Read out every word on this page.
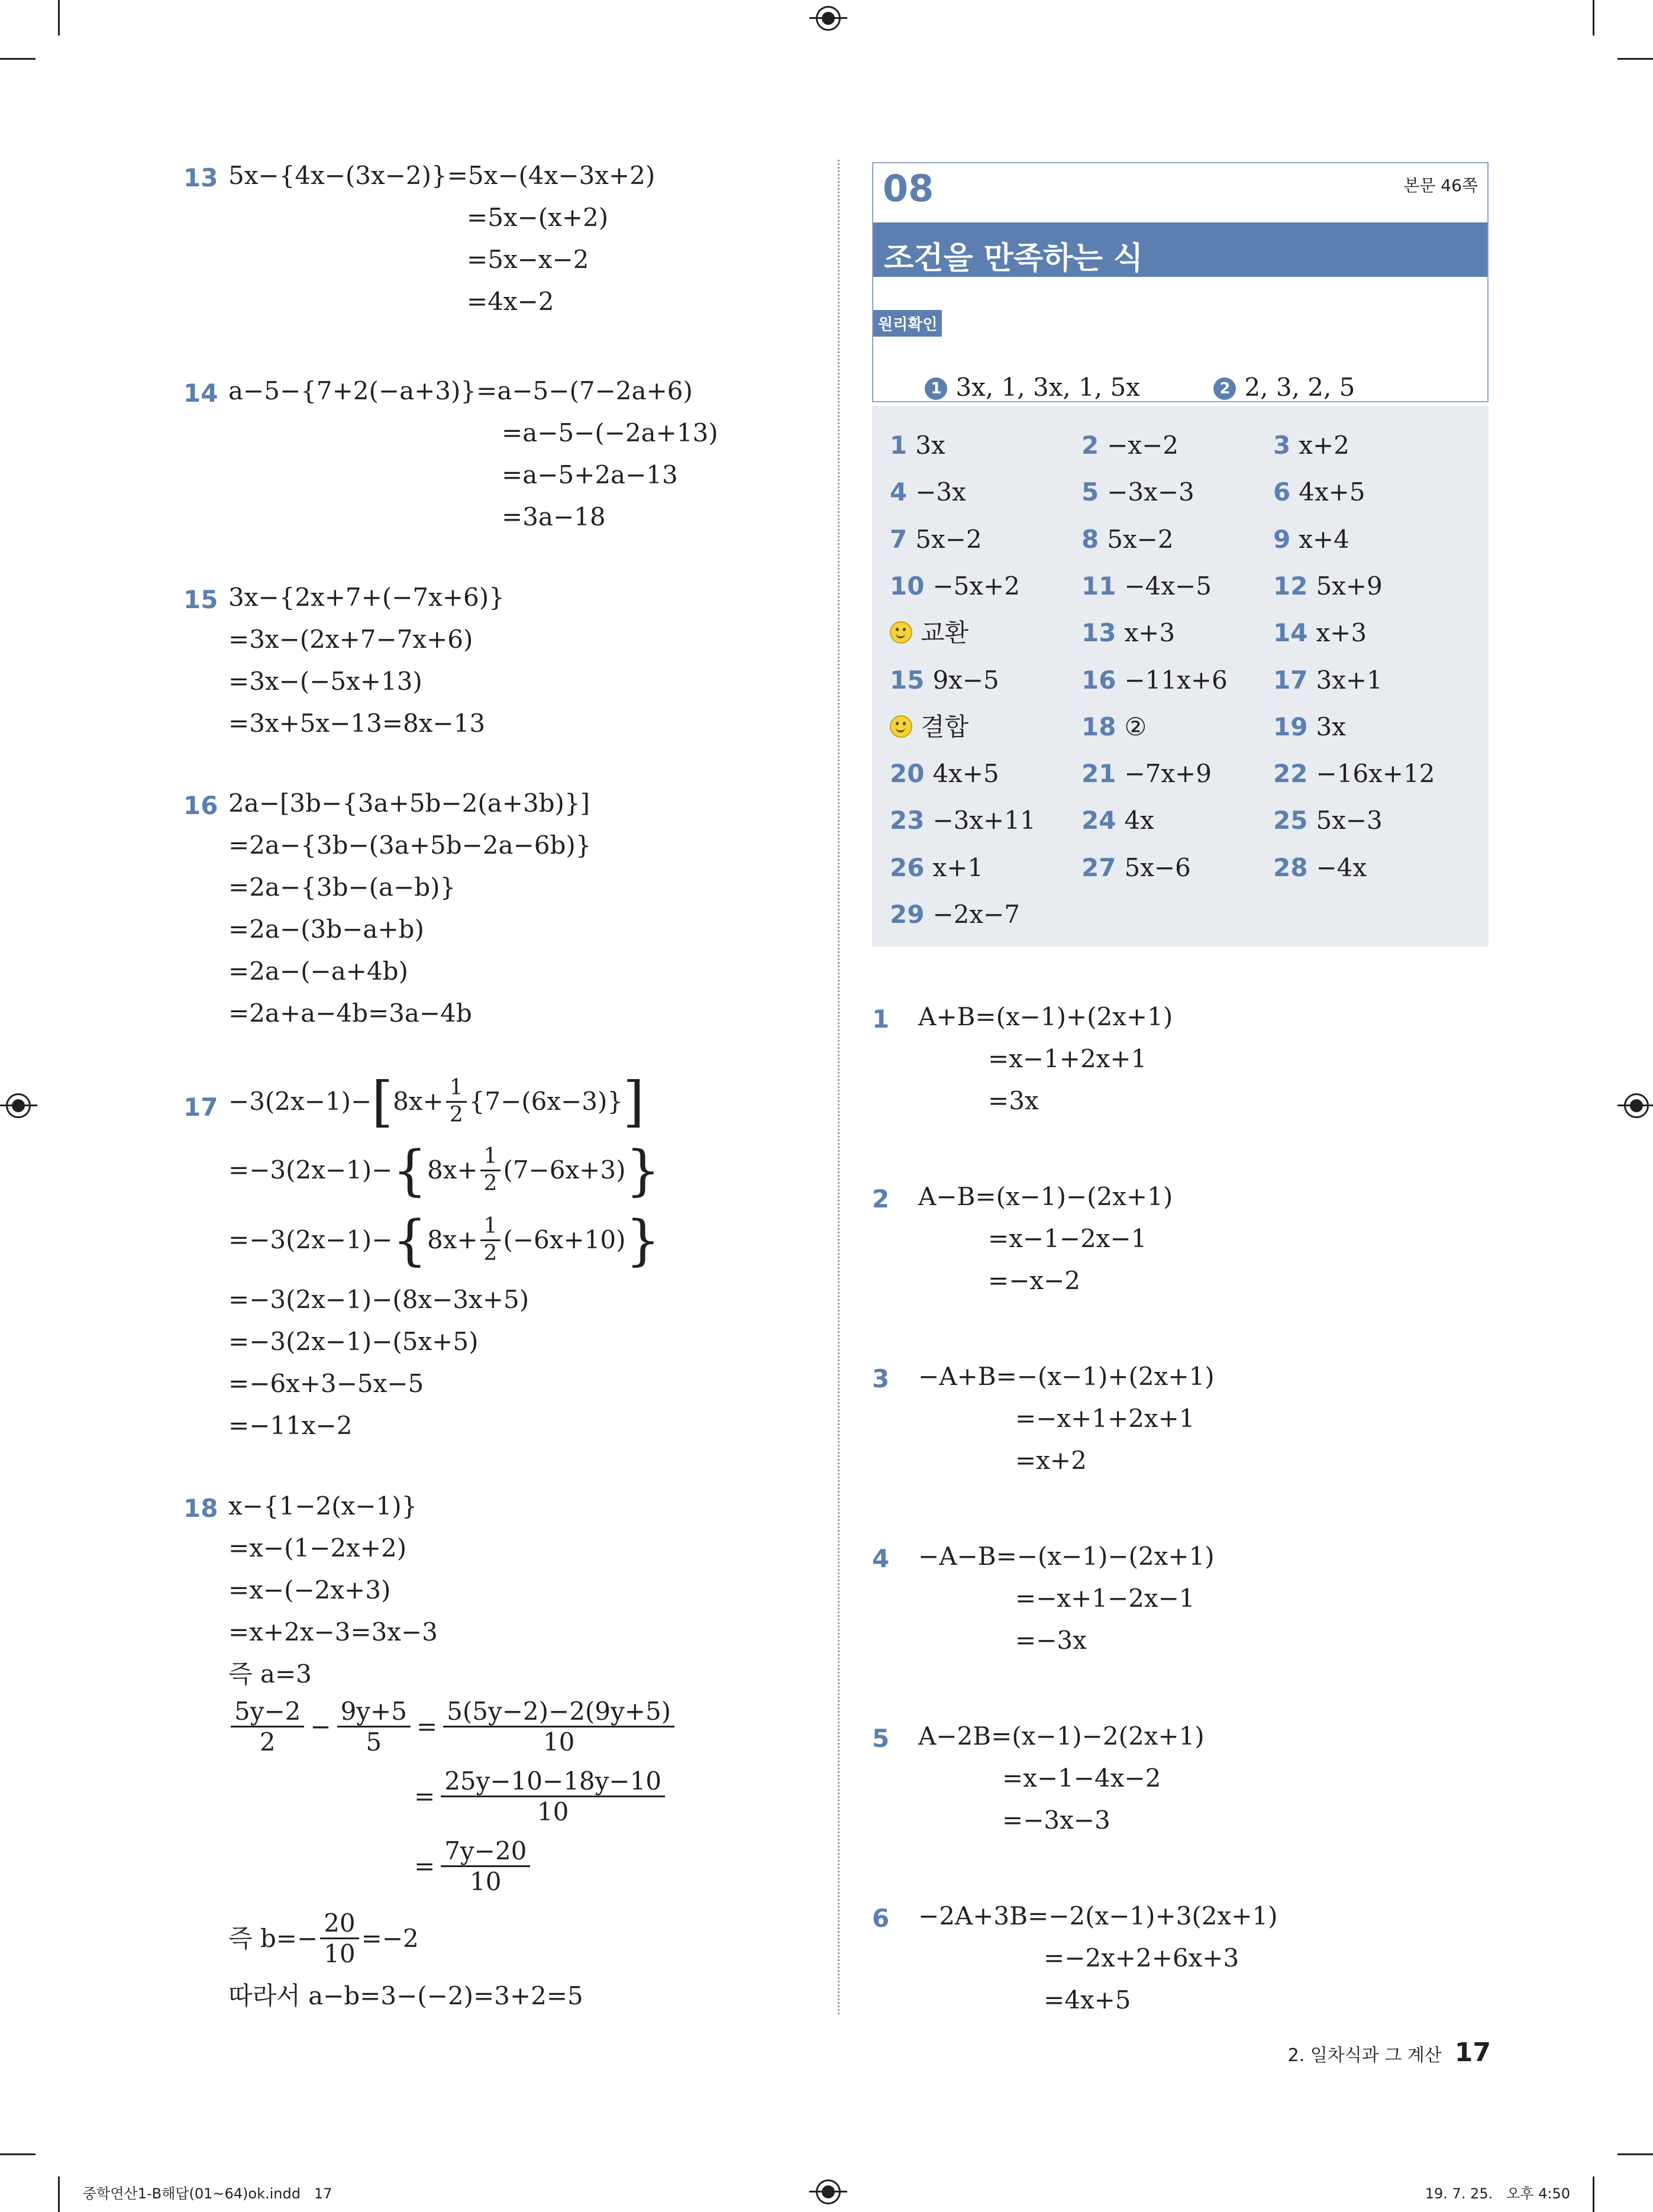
13 5x−{4x−(3x−2)}=5x−(4x−3x+2)
=5x−(x+2)
=5x−x−2
=4x−2
14 a−5−{7+2(−a+3)}=a−5−(7−2a+6)
=a−5−(−2a+13)
=a−5+2a−13
=3a−18
15 3x−{2x+7+(−7x+6)}
=3x−(2x+7−7x+6)
=3x−(−5x+13)
=3x+5x−13=8x−13
16 2a−[3b−{3a+5b−2(a+3b)}]
=2a−{3b−(3a+5b−2a−6b)}
=2a−{3b−(a−b)}
=2a−(3b−a+b)
=2a−(−a+4b)
=2a+a−4b=3a−4b
17 −3(2x−1)− [ $8x+ \frac{1}{2} \{7-(6x-3)\}$ ]
=−3(2x−1)− { $8x+ \frac{1}{2} (7-6x+3)$ }
=−3(2x−1)− { $8x+ \frac{1}{2} (-6x+10)$ }
=−3(2x−1)−(8x−3x+5)
=−3(2x−1)−(5x+5)
=−6x+3−5x−5
=−11x−2
18 x−{1−2(x−1)}
=x−(1−2x+2)
=x−(−2x+3)
=x+2x−3=3x−3
즉 a=3
$\frac{5y-2}{2} - \frac{9y+5}{5} = \frac{5(5y-2)-2(9y+5)}{10}$
= $\frac{25y-10-18y-10}{10}$
= $\frac{7y-20}{10}$
즉 $b=- \frac{20}{10} =-2$
따라서 a−b=3−(−2)=3+2=5
08	본문 46쪽
조건을 만족하는 식
원리확인

1 3x, 1, 3x, 1, 5x
	2 2, 3, 2, 5

1 3x	2 −x−2	3 x+2
4 −3x	5 −3x−3	6 4x+5
7 5x−2	8 5x−2	9 x+4
10 −5x+2 11 −4x−5 12 5x+9
교환	13 x+3	14 x+3
15 9x−5	16 −11x+6 17 3x+1
결합	18 ②	19 3x
20 4x+5	21 −7x+9 22 −16x+12
23 −3x+11 24 4x	25 5x−3
26 x+1	27 5x−6	28 −4x
29 −2x−7
1 A+B=(x−1)+(2x+1)
=x−1+2x+1
=3x
2 A−B=(x−1)−(2x+1)
=x−1−2x−1
=−x−2
3 −A+B=−(x−1)+(2x+1)
=−x+1+2x+1
=x+2
4 −A−B=−(x−1)−(2x+1)
=−x+1−2x−1
=−3x
5 A−2B=(x−1)−2(2x+1)
=x−1−4x−2
=−3x−3
6 −2A+3B=−2(x−1)+3(2x+1)
=−2x+2+6x+3
=4x+5
2. 일차식과 그 계산 17
중학연산1-B해답(01~64)ok.indd   17	19. 7. 25.   오후 4:50
